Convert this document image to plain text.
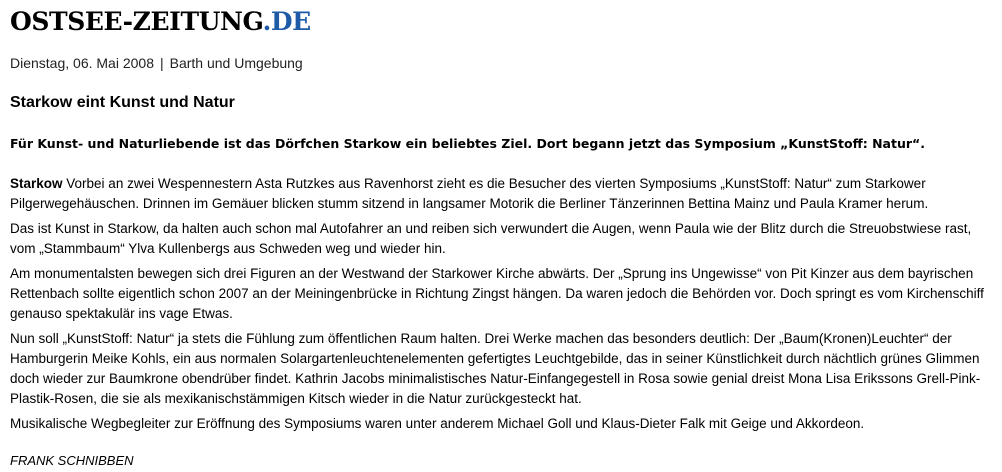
OSTSEE-ZEITUNG.DE
Dienstag, 06. Mai 2008 | Barth und Umgebung
Starkow eint Kunst und Natur
Für Kunst- und Naturliebende ist das Dörfchen Starkow ein beliebtes Ziel. Dort begann jetzt das Symposium „KunstStoff: Natur“.

Starkow Vorbei an zwei Wespennestern Asta Rutzkes aus Ravenhorst zieht es die Besucher des vierten Symposiums „KunstStoff: Natur“ zum Starkower Pilgerwegehäuschen. Drinnen im Gemäuer blicken stumm sitzend in langsamer Motorik die Berliner Tänzerinnen Bettina Mainz und Paula Kramer herum.

Das ist Kunst in Starkow, da halten auch schon mal Autofahrer an und reiben sich verwundert die Augen, wenn Paula wie der Blitz durch die Streuobstwiese rast, vom „Stammbaum“ Ylva Kullenbergs aus Schweden weg und wieder hin.

Am monumentalsten bewegen sich drei Figuren an der Westwand der Starkower Kirche abwärts. Der „Sprung ins Ungewisse“ von Pit Kinzer aus dem bayrischen Rettenbach sollte eigentlich schon 2007 an der Meiningenbrücke in Richtung Zingst hängen. Da waren jedoch die Behörden vor. Doch springt es vom Kirchenschiff genauso spektakulär ins vage Etwas.

Nun soll „KunstStoff: Natur“ ja stets die Fühlung zum öffentlichen Raum halten. Drei Werke machen das besonders deutlich: Der „Baum(Kronen)Leuchter“ der Hamburgerin Meike Kohls, ein aus normalen Solargartenleuchtenelementen gefertigtes Leuchtgebilde, das in seiner Künstlichkeit durch nächtlich grünes Glimmen doch wieder zur Baumkrone obendrüber findet. Kathrin Jacobs minimalistisches Natur-Einfangegestell in Rosa sowie genial dreist Mona Lisa Erikssons Grell-Pink-Plastik-Rosen, die sie als mexikanischstämmigen Kitsch wieder in die Natur zurückgesteckt hat.

Musikalische Wegbegleiter zur Eröffnung des Symposiums waren unter anderem Michael Goll und Klaus-Dieter Falk mit Geige und Akkordeon.

FRANK SCHNIBBEN
